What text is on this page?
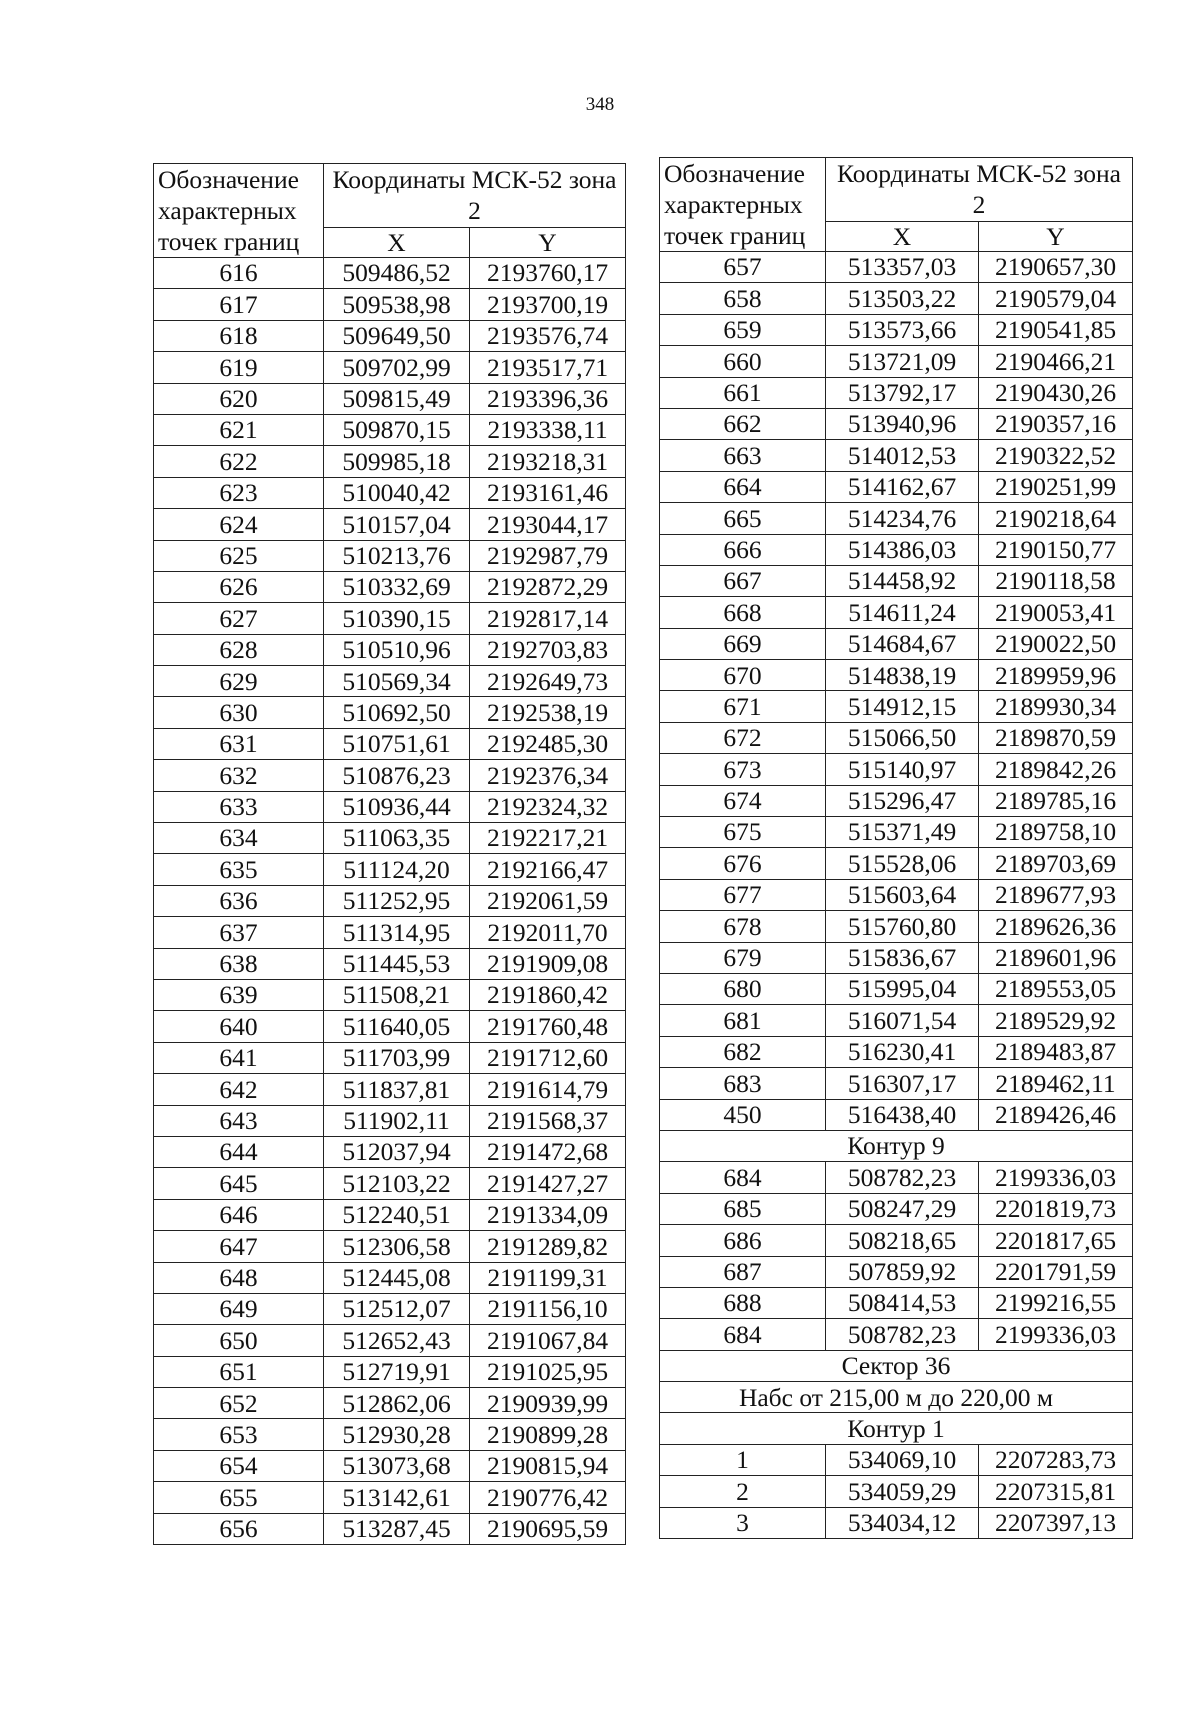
348
Обозначение характерных точек границ	Координаты МСК-52 зона 2	
	X	Y
616	509486,52	2193760,17
617	509538,98	2193700,19
618	509649,50	2193576,74
619	509702,99	2193517,71
620	509815,49	2193396,36
621	509870,15	2193338,11
622	509985,18	2193218,31
623	510040,42	2193161,46
624	510157,04	2193044,17
625	510213,76	2192987,79
626	510332,69	2192872,29
627	510390,15	2192817,14
628	510510,96	2192703,83
629	510569,34	2192649,73
630	510692,50	2192538,19
631	510751,61	2192485,30
632	510876,23	2192376,34
633	510936,44	2192324,32
634	511063,35	2192217,21
635	511124,20	2192166,47
636	511252,95	2192061,59
637	511314,95	2192011,70
638	511445,53	2191909,08
639	511508,21	2191860,42
640	511640,05	2191760,48
641	511703,99	2191712,60
642	511837,81	2191614,79
643	511902,11	2191568,37
644	512037,94	2191472,68
645	512103,22	2191427,27
646	512240,51	2191334,09
647	512306,58	2191289,82
648	512445,08	2191199,31
649	512512,07	2191156,10
650	512652,43	2191067,84
651	512719,91	2191025,95
652	512862,06	2190939,99
653	512930,28	2190899,28
654	513073,68	2190815,94
655	513142,61	2190776,42
656	513287,45	2190695,59
Обозначение характерных точек границ	Координаты МСК-52 зона 2	
	X	Y
657	513357,03	2190657,30
658	513503,22	2190579,04
659	513573,66	2190541,85
660	513721,09	2190466,21
661	513792,17	2190430,26
662	513940,96	2190357,16
663	514012,53	2190322,52
664	514162,67	2190251,99
665	514234,76	2190218,64
666	514386,03	2190150,77
667	514458,92	2190118,58
668	514611,24	2190053,41
669	514684,67	2190022,50
670	514838,19	2189959,96
671	514912,15	2189930,34
672	515066,50	2189870,59
673	515140,97	2189842,26
674	515296,47	2189785,16
675	515371,49	2189758,10
676	515528,06	2189703,69
677	515603,64	2189677,93
678	515760,80	2189626,36
679	515836,67	2189601,96
680	515995,04	2189553,05
681	516071,54	2189529,92
682	516230,41	2189483,87
683	516307,17	2189462,11
450	516438,40	2189426,46
Контур 9		
684	508782,23	2199336,03
685	508247,29	2201819,73
686	508218,65	2201817,65
687	507859,92	2201791,59
688	508414,53	2199216,55
684	508782,23	2199336,03
Сектор 36		
Набс от 215,00 м до 220,00 м		
Контур 1		
1	534069,10	2207283,73
2	534059,29	2207315,81
3	534034,12	2207397,13
